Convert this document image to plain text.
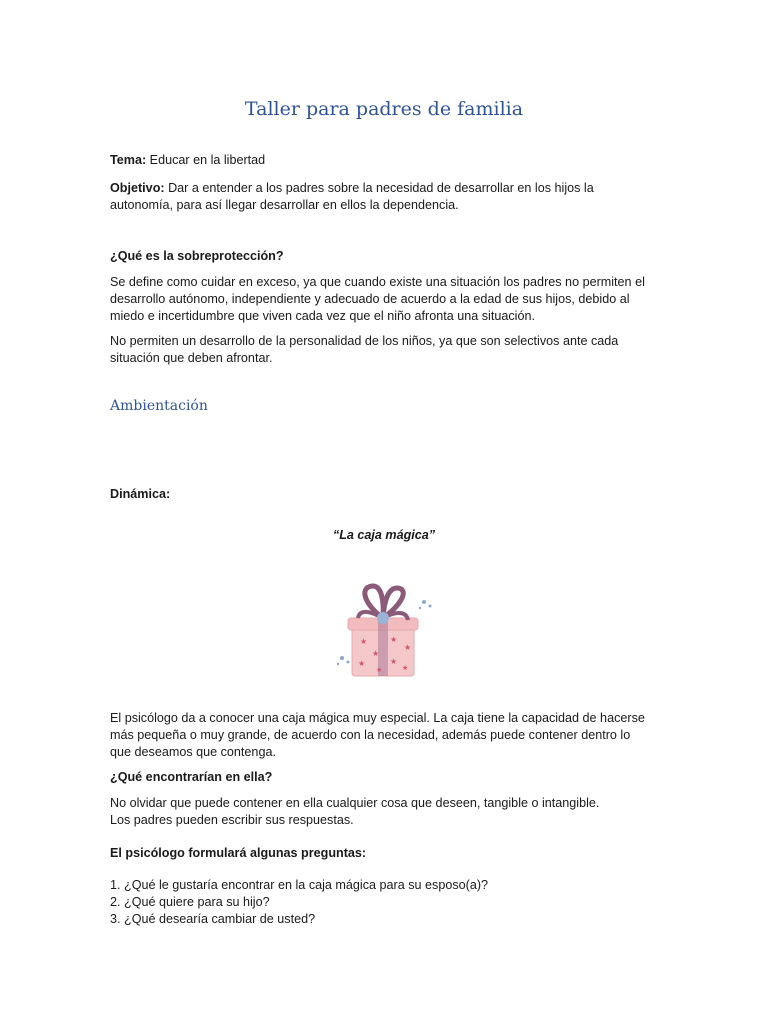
Taller para padres de familia
Tema: Educar en la libertad
Objetivo: Dar a entender a los padres sobre la necesidad de desarrollar en los hijos la
autonomía, para así llegar desarrollar en ellos la dependencia.
¿Qué es la sobreprotección?
Se define como cuidar en exceso, ya que cuando existe una situación los padres no permiten el
desarrollo autónomo, independiente y adecuado de acuerdo a la edad de sus hijos, debido al
miedo e incertidumbre que viven cada vez que el niño afronta una situación.
No permiten un desarrollo de la personalidad de los niños, ya que son selectivos ante cada
situación que deben afrontar.
Ambientación
Dinámica:
“La caja mágica”
★	★
★
★
★	★
★	★
El psicólogo da a conocer una caja mágica muy especial. La caja tiene la capacidad de hacerse
más pequeña o muy grande, de acuerdo con la necesidad, además puede contener dentro lo
que deseamos que contenga.
¿Qué encontrarían en ella?
No olvidar que puede contener en ella cualquier cosa que deseen, tangible o intangible.
Los padres pueden escribir sus respuestas.
El psicólogo formulará algunas preguntas:
1. ¿Qué le gustaría encontrar en la caja mágica para su esposo(a)?
2. ¿Qué quiere para su hijo?
3. ¿Qué desearía cambiar de usted?
